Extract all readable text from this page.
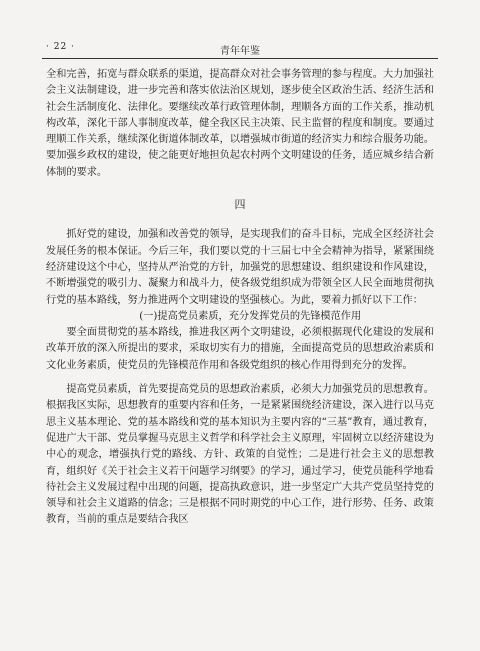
· 22 ·	青年年鉴

全和完善，拓宽与群众联系的渠道，提高群众对社会事务管理的参与程度。大力加强社会主义法制建设，进一步完善和落实依法治区规划，逐步使全区政治生活、经济生活和社会生活制度化、法律化。要继续改革行政管理体制，理顺各方面的工作关系，推动机构改革，深化干部人事制度改革，健全我区民主决策、民主监督的程度和制度。要通过理顺工作关系，继续深化街道体制改革，以增强城市街道的经济实力和综合服务功能。要加强乡政权的建设，使之能更好地担负起农村两个文明建设的任务，适应城乡结合新体制的要求。

四

抓好党的建设，加强和改善党的领导，是实现我们的奋斗目标，完成全区经济社会发展任务的根本保证。今后三年，我们要以党的十三届七中全会精神为指导，紧紧围绕经济建设这个中心，坚持从严治党的方针，加强党的思想建设、组织建设和作风建设，不断增强党的吸引力、凝聚力和战斗力，使各级党组织成为带领全区人民全面地贯彻执行党的基本路线，努力推进两个文明建设的坚强核心。为此，要着力抓好以下工作：

(一)提高党员素质，充分发挥党员的先锋模范作用

要全面贯彻党的基本路线，推进我区两个文明建设，必须根据现代化建设的发展和改革开放的深入所提出的要求，采取切实有力的措施，全面提高党员的思想政治素质和文化业务素质，使党员的先锋模范作用和各级党组织的核心作用得到充分的发挥。

提高党员素质，首先要提高党员的思想政治素质，必须大力加强党员的思想教育。根据我区实际，思想教育的重要内容和任务，一是紧紧围绕经济建设，深入进行以马克思主义基本理论、党的基本路线和党的基本知识为主要内容的“三基”教育，通过教育，促进广大干部、党员掌握马克思主义哲学和科学社会主义原理，牢固树立以经济建设为中心的观念，增强执行党的路线、方针、政策的自觉性；二是进行社会主义的思想教育，组织好《关于社会主义若干问题学习纲要》的学习，通过学习，使党员能科学地看待社会主义发展过程中出现的问题，提高执政意识，进一步坚定广大共产党员坚持党的领导和社会主义道路的信念；三是根据不同时期党的中心工作，进行形势、任务、政策教育，当前的重点是要结合我区
